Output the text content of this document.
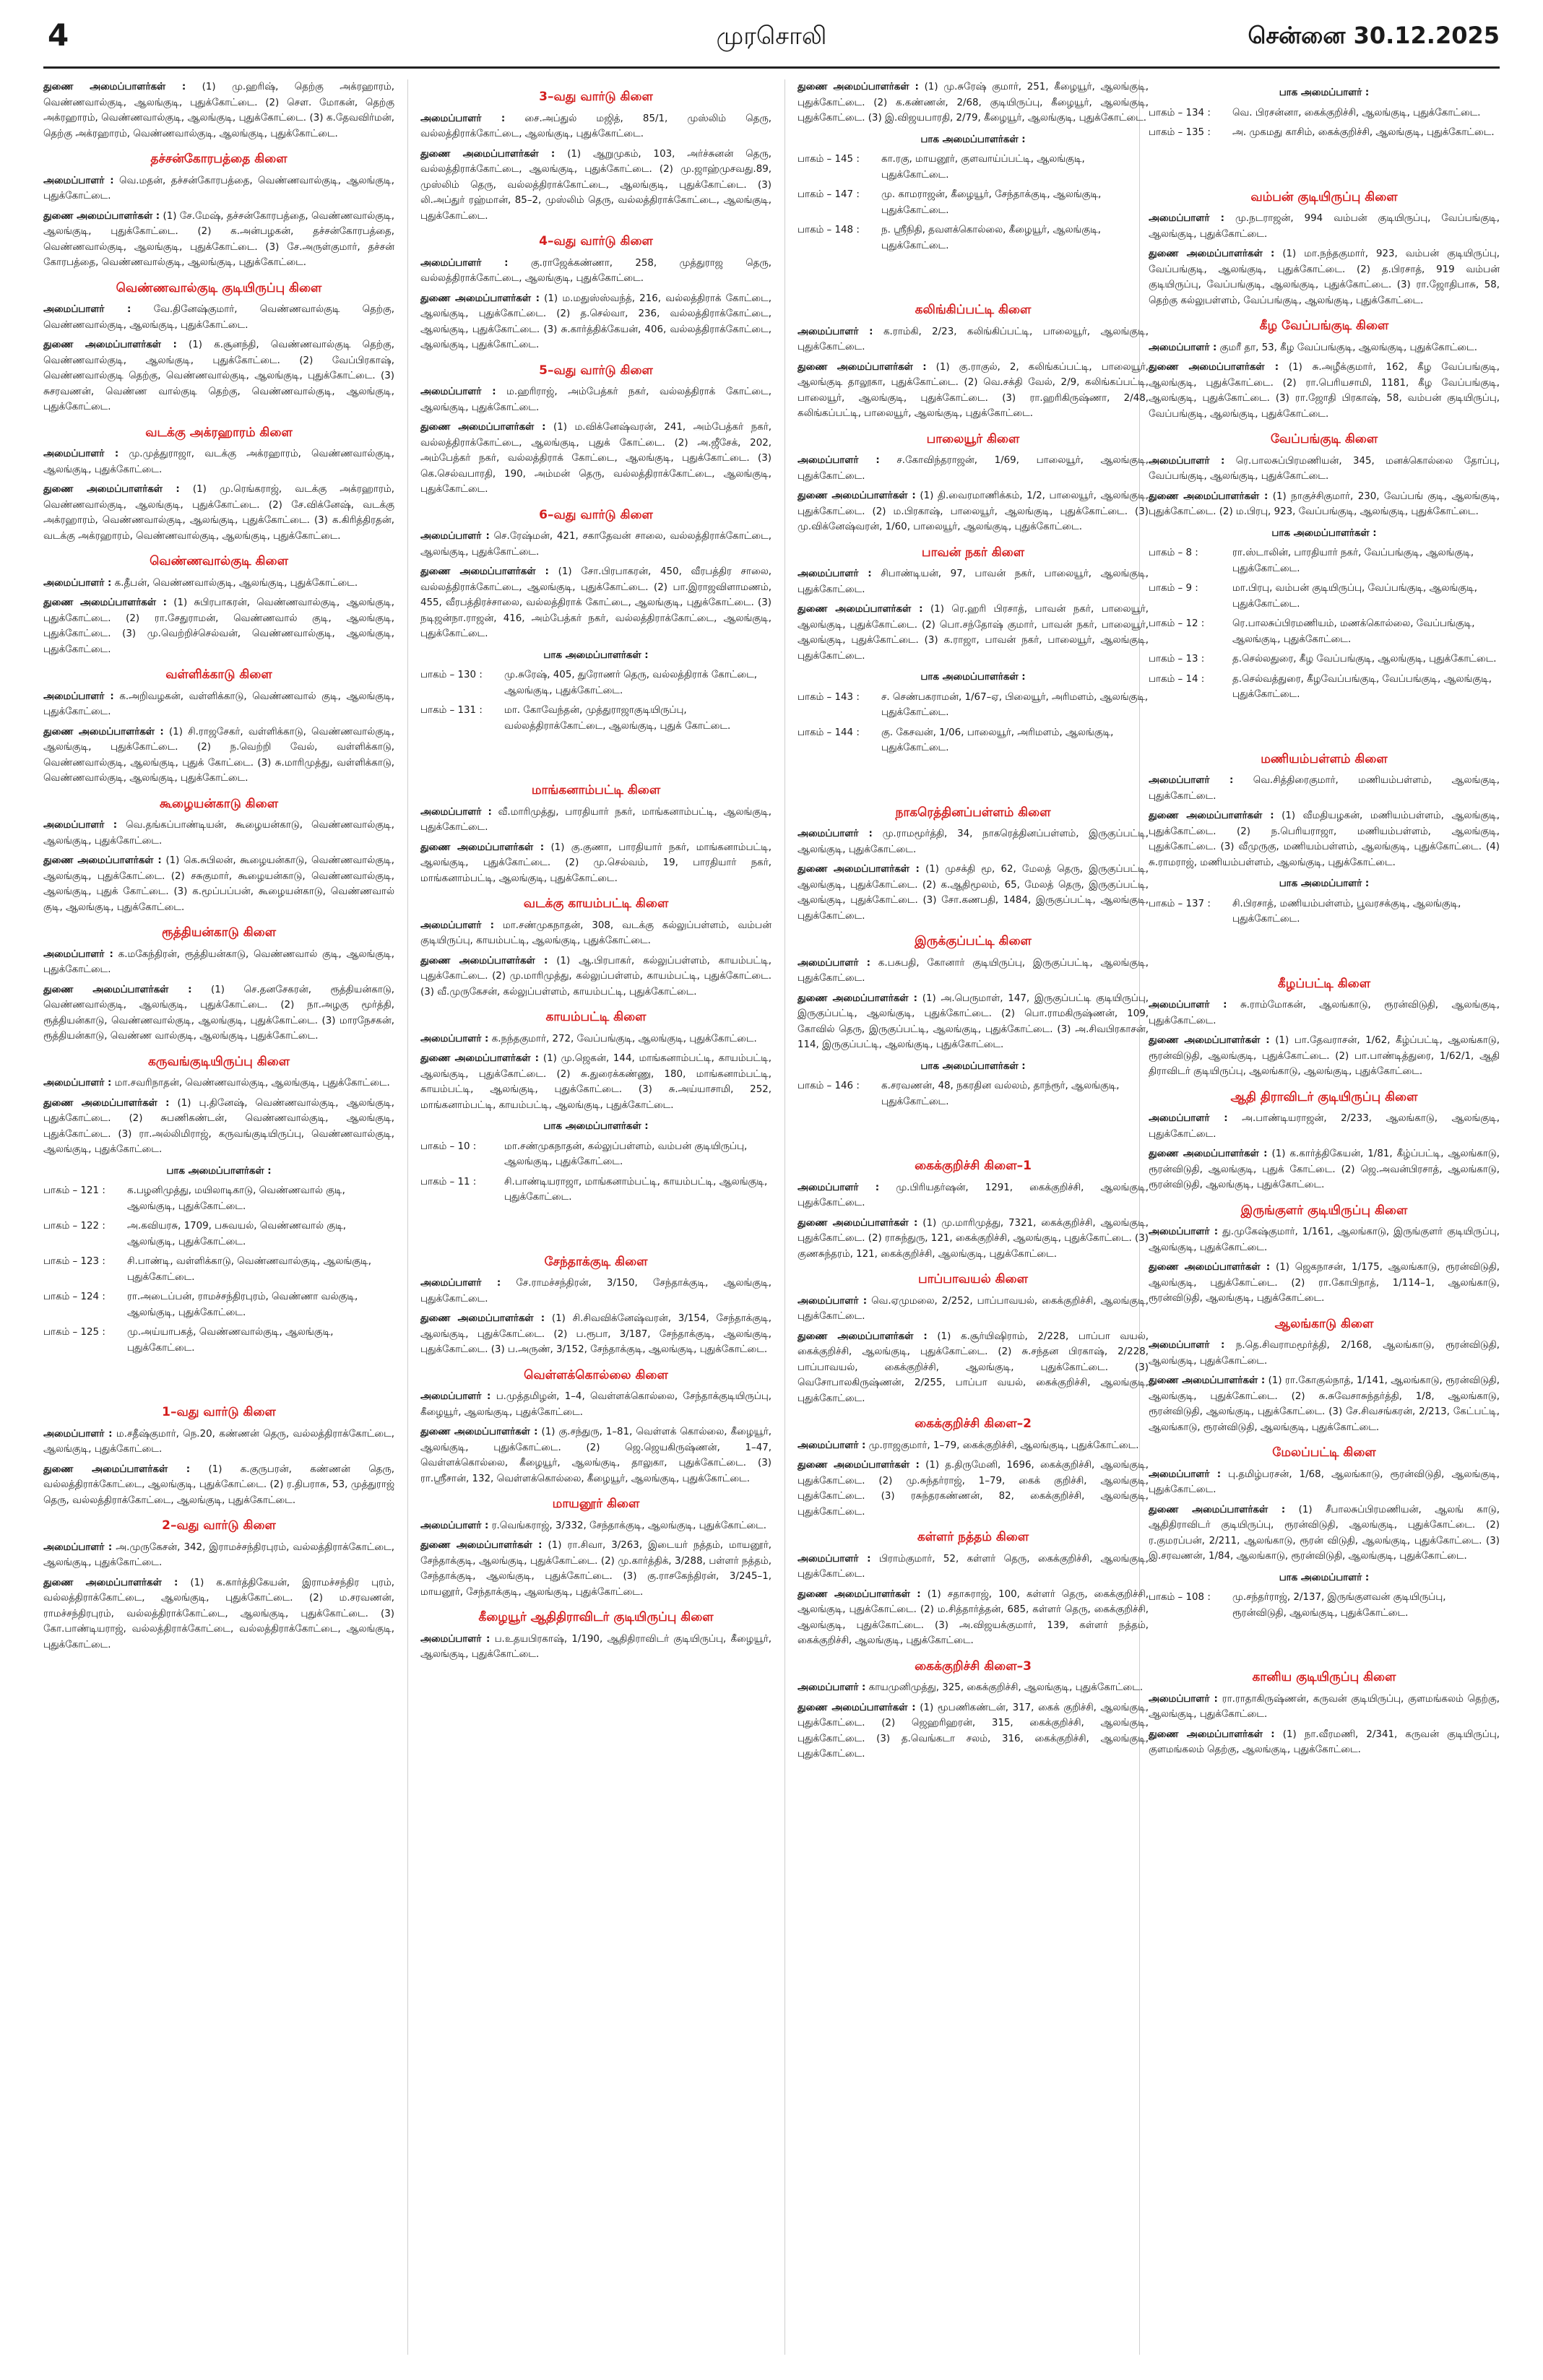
4	முரசொலி	சென்னை 30.12.2025
துணை அமைப்பாளர்கள் : (1) மு.ஹரிஷ், தெற்கு அக்ரஹாரம், வெண்ணவால்குடி, ஆலங்குடி, புதுக்கோட்டை. (2) சௌ. மோகன், தெற்கு அக்ரஹாரம், வெண்ணவால்குடி, ஆலங்குடி, புதுக்கோட்டை. (3) க.தேவவிர்மன், தெற்கு அக்ரஹாரம், வெண்ணவால்குடி, ஆலங்குடி, புதுக்கோட்டை.
தச்சன்கோரபத்தை கிளை
அமைப்பாளர் : வெ.மதன், தச்சன்கோரபத்தை, வெண்ணவால்குடி, ஆலங்குடி, புதுக்கோட்டை.
துணை அமைப்பாளர்கள் : (1) சே.மேஷ், தச்சன்கோரபத்தை, வெண்ணவால்குடி, ஆலங்குடி, புதுக்கோட்டை. (2) க.அன்பழகன், தச்சன்கோரபத்தை, வெண்ணவால்குடி, ஆலங்குடி, புதுக்கோட்டை. (3) சே.அருள்குமார், தச்சன் கோரபத்தை, வெண்ணவால்குடி, ஆலங்குடி, புதுக்கோட்டை.
வெண்ணவால்குடி குடியிருப்பு கிளை
அமைப்பாளர் : வே.தினேஷ்குமார், வெண்ணவால்குடி தெற்கு, வெண்ணவால்குடி, ஆலங்குடி, புதுக்கோட்டை.
துணை அமைப்பாளர்கள் : (1) க.சூனந்தி, வெண்ணவால்குடி தெற்கு, வெண்ணவால்குடி, ஆலங்குடி, புதுக்கோட்டை. (2) வேப்பிரகாஷ், வெண்ணவால்குடி தெற்கு, வெண்ணவால்குடி, ஆலங்குடி, புதுக்கோட்டை. (3) சுசரவணன், வெண்ண வால்குடி தெற்கு, வெண்ணவால்குடி, ஆலங்குடி, புதுக்கோட்டை.
வடக்கு அக்ரஹாரம் கிளை
அமைப்பாளர் : மு.முத்துராஜா, வடக்கு அக்ரஹாரம், வெண்ணவால்குடி, ஆலங்குடி, புதுக்கோட்டை.
துணை அமைப்பாளர்கள் : (1) மு.ரெங்கராஜ், வடக்கு அக்ரஹாரம், வெண்ணவால்குடி, ஆலங்குடி, புதுக்கோட்டை. (2) சே.விக்னேஷ், வடக்கு அக்ரஹாரம், வெண்ணவால்குடி, ஆலங்குடி, புதுக்கோட்டை. (3) க.கிரித்திரதன், வடக்கு அக்ரஹாரம், வெண்ணவால்குடி, ஆலங்குடி, புதுக்கோட்டை.
வெண்ணவால்குடி கிளை
அமைப்பாளர் : க.தீபன், வெண்ணவால்குடி, ஆலங்குடி, புதுக்கோட்டை.
துணை அமைப்பாளர்கள் : (1) சுபிரபாகரன், வெண்ணவால்குடி, ஆலங்குடி, புதுக்கோட்டை. (2) ரா.சேதுராமன், வெண்ணவால் குடி, ஆலங்குடி, புதுக்கோட்டை. (3) மு.வெற்றிச்செல்வன், வெண்ணவால்குடி, ஆலங்குடி, புதுக்கோட்டை.
வள்ளிக்காடு கிளை
அமைப்பாளர் : க.அறிவழகன், வள்ளிக்காடு, வெண்ணவால் குடி, ஆலங்குடி, புதுக்கோட்டை.
துணை அமைப்பாளர்கள் : (1) சி.ராஜசேகர், வள்ளிக்காடு, வெண்ணவால்குடி, ஆலங்குடி, புதுக்கோட்டை. (2) ந.வெற்றி வேல், வள்ளிக்காடு, வெண்ணவால்குடி, ஆலங்குடி, புதுக் கோட்டை. (3) சு.மாரிமுத்து, வள்ளிக்காடு, வெண்ணவால்குடி, ஆலங்குடி, புதுக்கோட்டை.
கூழையன்காடு கிளை
அமைப்பாளர் : வெ.தங்கப்பாண்டியன், கூழையன்காடு, வெண்ணவால்குடி, ஆலங்குடி, புதுக்கோட்டை.
துணை அமைப்பாளர்கள் : (1) கெ.சுபிலன், கூழையன்காடு, வெண்ணவால்குடி, ஆலங்குடி, புதுக்கோட்டை. (2) சசுகுமார், கூழையன்காடு, வெண்ணவால்குடி, ஆலங்குடி, புதுக் கோட்டை. (3) க.மூப்பப்பன், கூழையன்காடு, வெண்ணவால் குடி, ஆலங்குடி, புதுக்கோட்டை.
ரூத்தியன்காடு கிளை
அமைப்பாளர் : க.மகேந்திரன், ரூத்தியன்காடு, வெண்ணவால் குடி, ஆலங்குடி, புதுக்கோட்டை.
துணை அமைப்பாளர்கள் : (1) செ.தனசேகரன், ரூத்தியன்காடு, வெண்ணவால்குடி, ஆலங்குடி, புதுக்கோட்டை. (2) நா.அழகு மூர்த்தி, ரூத்தியன்காடு, வெண்ணவால்குடி, ஆலங்குடி, புதுக்கோட்டை. (3) மாரநேசகன், ரூத்தியன்காடு, வெண்ண வால்குடி, ஆலங்குடி, புதுக்கோட்டை.
கருவங்குடியிருப்பு கிளை
அமைப்பாளர் : மா.சவரிநாதன், வெண்ணவால்குடி, ஆலங்குடி, புதுக்கோட்டை.
துணை அமைப்பாளர்கள் : (1) பு.தினேஷ், வெண்ணவால்குடி, ஆலங்குடி, புதுக்கோட்டை. (2) சுபணிகண்டன், வெண்ணவால்குடி, ஆலங்குடி, புதுக்கோட்டை. (3) ரா.அல்லிமிராஜ், கருவங்குடியிருப்பு, வெண்ணவால்குடி, ஆலங்குடி, புதுக்கோட்டை.
பாக அமைப்பாளர்கள் :
பாகம் – 121 :	க.பழனிமுத்து, மயிலாடிகாடு, வெண்ணவால் குடி, ஆலங்குடி, புதுக்கோட்டை.
பாகம் – 122 :	அ.கவியரசு, 1709, பசுவயல், வெண்ணவால் குடி, ஆலங்குடி, புதுக்கோட்டை.
பாகம் – 123 :	சி.பாண்டி, வள்ளிக்காடு, வெண்ணவால்குடி, ஆலங்குடி, புதுக்கோட்டை.
பாகம் – 124 :	ரா.அடைப்பன், ராமச்சந்திரபுரம், வெண்ணா வல்குடி, ஆலங்குடி, புதுக்கோட்டை.
பாகம் – 125 :	மு.அய்யாபகத், வெண்ணவால்குடி, ஆலங்குடி, புதுக்கோட்டை.
1–வது வார்டு கிளை
அமைப்பாளர் : ம.சதீஷ்குமார், நெ.20, கண்ணன் தெரு, வல்லத்திராக்கோட்டை, ஆலங்குடி, புதுக்கோட்டை.
துணை அமைப்பாளர்கள் : (1) க.குருபரன், கண்ணன் தெரு, வல்லத்திராக்கோட்டை, ஆலங்குடி, புதுக்கோட்டை. (2) ர.திபராசு, 53, முத்துராஜ் தெரு, வல்லத்திராக்கோட்டை, ஆலங்குடி, புதுக்கோட்டை.
2–வது வார்டு கிளை
அமைப்பாளர் : அ.முருகேசன், 342, இராமச்சந்திரபுரம், வல்லத்திராக்கோட்டை, ஆலங்குடி, புதுக்கோட்டை.
துணை அமைப்பாளர்கள் : (1) க.கார்த்திகேயன், இராமச்சந்திர புரம், வல்லத்திராக்கோட்டை, ஆலங்குடி, புதுக்கோட்டை. (2) ம.சரவணன், ராமச்சந்திரபுரம், வல்லத்திராக்கோட்டை, ஆலங்குடி, புதுக்கோட்டை. (3) கோ.பாண்டியராஜ், வல்லத்திராக்கோட்டை, வல்லத்திராக்கோட்டை, ஆலங்குடி, புதுக்கோட்டை.
3–வது வார்டு கிளை
அமைப்பாளர் : சை.அப்துல் மஜித், 85/1, முஸ்லிம் தெரு, வல்லத்திராக்கோட்டை, ஆலங்குடி, புதுக்கோட்டை.
துணை அமைப்பாளர்கள் : (1) ஆறுமுகம், 103, அர்ச்சுனன் தெரு, வல்லத்திராக்கோட்டை, ஆலங்குடி, புதுக்கோட்டை. (2) மு.ஜாஹ்முசவது.89, முஸ்லிம் தெரு, வல்லத்திராக்கோட்டை, ஆலங்குடி, புதுக்கோட்டை. (3) லி.அப்துர் ரஹ்மான், 85–2, முஸ்லிம் தெரு, வல்லத்திராக்கோட்டை, ஆலங்குடி, புதுக்கோட்டை.
4–வது வார்டு கிளை
அமைப்பாளர் : கு.ராஜேக்கண்ணா, 258, முத்துராஜ தெரு, வல்லத்திராக்கோட்டை, ஆலங்குடி, புதுக்கோட்டை.
துணை அமைப்பாளர்கள் : (1) ம.மதுஸ்ஸ்வந்த், 216, வல்லத்திராக் கோட்டை, ஆலங்குடி, புதுக்கோட்டை. (2) த.செல்வா, 236, வல்லத்திராக்கோட்டை, ஆலங்குடி, புதுக்கோட்டை. (3) சு.கார்த்திக்கேயன், 406, வல்லத்திராக்கோட்டை, ஆலங்குடி, புதுக்கோட்டை.
5–வது வார்டு கிளை
அமைப்பாளர் : ம.ஹரிராஜ், அம்பேத்கர் நகர், வல்லத்திராக் கோட்டை, ஆலங்குடி, புதுக்கோட்டை.
துணை அமைப்பாளர்கள் : (1) ம.விக்னேஷ்வரன், 241, அம்பேத்கர் நகர், வல்லத்திராக்கோட்டை, ஆலங்குடி, புதுக் கோட்டை. (2) அ.ஜீசேக், 202, அம்பேத்கர் நகர், வல்லத்திராக் கோட்டை, ஆலங்குடி, புதுக்கோட்டை. (3) கெ.செல்வபாரதி, 190, அம்மன் தெரு, வல்லத்திராக்கோட்டை, ஆலங்குடி, புதுக்கோட்டை.
6–வது வார்டு கிளை
அமைப்பாளர் : செ.ரேஷ்மன், 421, சகாதேவன் சாலை, வல்லத்திராக்கோட்டை, ஆலங்குடி, புதுக்கோட்டை.
துணை அமைப்பாளர்கள் : (1) சோ.பிரபாகரன், 450, வீரபத்திர சாலை, வல்லத்திராக்கோட்டை, ஆலங்குடி, புதுக்கோட்டை. (2) பா.இராஜவிளாமணம், 455, வீரபத்திரச்சாலை, வல்லத்திராக் கோட்டை, ஆலங்குடி, புதுக்கோட்டை. (3) நடிஜன்நா.ராஜன், 416, அம்பேத்கர் நகர், வல்லத்திராக்கோட்டை, ஆலங்குடி, புதுக்கோட்டை.
பாக அமைப்பாளர்கள் :
பாகம் – 130 :	மு.சுரேஷ், 405, துரோணர் தெரு, வல்லத்திராக் கோட்டை, ஆலங்குடி, புதுக்கோட்டை.
பாகம் – 131 :	மா. கோவேந்தன், முத்துராஜாகுடியிருப்பு, வல்லத்திராக்கோட்டை, ஆலங்குடி, புதுக் கோட்டை.
மாங்கனாம்பட்டி கிளை
அமைப்பாளர் : வீ.மாரிமுத்து, பாரதியார் நகர், மாங்கனாம்பட்டி, ஆலங்குடி, புதுக்கோட்டை.
துணை அமைப்பாளர்கள் : (1) கு.குணா, பாரதியார் நகர், மாங்கனாம்பட்டி, ஆலங்குடி, புதுக்கோட்டை. (2) மு.செல்வம், 19, பாரதியார் நகர், மாங்கனாம்பட்டி, ஆலங்குடி, புதுக்கோட்டை.
வடக்கு காயம்பட்டி கிளை
அமைப்பாளர் : மா.சண்முகநாதன், 308, வடக்கு கல்லுப்பள்ளம், வம்பன் குடியிருப்பு, காயம்பட்டி, ஆலங்குடி, புதுக்கோட்டை.
துணை அமைப்பாளர்கள் : (1) ஆ.பிரபாகர், கல்லுப்பள்ளம், காயம்பட்டி, புதுக்கோட்டை. (2) மு.மாரிமுத்து, கல்லுப்பள்ளம், காயம்பட்டி, புதுக்கோட்டை. (3) வீ.முருகேசன், கல்லுப்பள்ளம், காயம்பட்டி, புதுக்கோட்டை.
காயம்பட்டி கிளை
அமைப்பாளர் : க.நந்தகுமார், 272, வேப்பங்குடி, ஆலங்குடி, புதுக்கோட்டை.
துணை அமைப்பாளர்கள் : (1) மு.ஜெகன், 144, மாங்கனாம்பட்டி, காயம்பட்டி, ஆலங்குடி, புதுக்கோட்டை. (2) சு.துரைக்கண்ணு, 180, மாங்கனாம்பட்டி, காயம்பட்டி, ஆலங்குடி, புதுக்கோட்டை. (3) சு.அய்யாசாமி, 252, மாங்கனாம்பட்டி, காயம்பட்டி, ஆலங்குடி, புதுக்கோட்டை.
பாக அமைப்பாளர்கள் :
பாகம் – 10 :	மா.சண்முகநாதன், கல்லுப்பள்ளம், வம்பன் குடியிருப்பு, ஆலங்குடி, புதுக்கோட்டை.
பாகம் – 11 :	சி.பாண்டியராஜா, மாங்கனாம்பட்டி, காயம்பட்டி, ஆலங்குடி, புதுக்கோட்டை.
சேந்தாக்குடி கிளை
அமைப்பாளர் : சே.ராமச்சந்திரன், 3/150, சேந்தாக்குடி, ஆலங்குடி, புதுக்கோட்டை.
துணை அமைப்பாளர்கள் : (1) சி.சிவவிக்னேஷ்வரன், 3/154, சேந்தாக்குடி, ஆலங்குடி, புதுக்கோட்டை. (2) ப.ரூபா, 3/187, சேந்தாக்குடி, ஆலங்குடி, புதுக்கோட்டை. (3) ப.அருண், 3/152, சேந்தாக்குடி, ஆலங்குடி, புதுக்கோட்டை.
வெள்ளக்கொல்லை கிளை
அமைப்பாளர் : ப.முத்தமிழன், 1–4, வெள்ளக்கொல்லை, சேந்தாக்குடியிருப்பு, கீழையூர், ஆலங்குடி, புதுக்கோட்டை.
துணை அமைப்பாளர்கள் : (1) கு.சந்துரு, 1–81, வெள்ளக் கொல்லை, கீழையூர், ஆலங்குடி, புதுக்கோட்டை. (2) ஜெ.ஜெயகிருஷ்ணன், 1–47, வெள்ளக்கொல்லை, கீழையூர், ஆலங்குடி, தாலுகா, புதுக்கோட்டை. (3) ரா.ஸ்ரீசான், 132, வெள்ளக்கொல்லை, கீழையூர், ஆலங்குடி, புதுக்கோட்டை.
மாயனூர் கிளை
அமைப்பாளர் : ர.வெங்கராஜ், 3/332, சேந்தாக்குடி, ஆலங்குடி, புதுக்கோட்டை.
துணை அமைப்பாளர்கள் : (1) ரா.சிவா, 3/263, இடையர் நத்தம், மாயனூர், சேந்தாக்குடி, ஆலங்குடி, புதுக்கோட்டை. (2) மு.கார்த்திக், 3/288, பள்ளர் நத்தம், சேந்தாக்குடி, ஆலங்குடி, புதுக்கோட்டை. (3) கு.ராசகேந்திரன், 3/245–1, மாயனூர், சேந்தாக்குடி, ஆலங்குடி, புதுக்கோட்டை.
கீழையூர் ஆதிதிராவிடர் குடியிருப்பு கிளை
அமைப்பாளர் : ப.உதயபிரகாஷ், 1/190, ஆதிதிராவிடர் குடியிருப்பு, கீழையூர், ஆலங்குடி, புதுக்கோட்டை.
துணை அமைப்பாளர்கள் : (1) மு.சுரேஷ் குமார், 251, கீழையூர், ஆலங்குடி, புதுக்கோட்டை. (2) க.கண்ணன், 2/68, குடியிருப்பு, கீழையூர், ஆலங்குடி, புதுக்கோட்டை. (3) இ.விஜயபாரதி, 2/79, கீழையூர், ஆலங்குடி, புதுக்கோட்டை.
பாக அமைப்பாளர்கள் :
பாகம் – 145 :	கா.ரகு, மாயனூர், குளவாய்ப்பட்டி, ஆலங்குடி, புதுக்கோட்டை.
பாகம் – 147 :	மு. காமராஜன், கீழையூர், சேந்தாக்குடி, ஆலங்குடி, புதுக்கோட்டை.
பாகம் – 148 :	ந. ஸ்ரீநிதி, தவளக்கொல்லை, கீழையூர், ஆலங்குடி, புதுக்கோட்டை.
கலிங்கிப்பட்டி கிளை
அமைப்பாளர் : க.ராம்கி, 2/23, கலிங்கிப்பட்டி, பாலையூர், ஆலங்குடி, புதுக்கோட்டை.
துணை அமைப்பாளர்கள் : (1) கு.ராகுல், 2, கலிங்கப்பட்டி, பாலையூர், ஆலங்குடி தாலூகா, புதுக்கோட்டை. (2) வெ.சக்தி வேல், 2/9, கலிங்கப்பட்டி, பாலையூர், ஆலங்குடி, புதுக்கோட்டை. (3) ரா.ஹரிகிருஷ்ணா, 2/48, கலிங்கப்பட்டி, பாலையூர், ஆலங்குடி, புதுக்கோட்டை.
பாலையூர் கிளை
அமைப்பாளர் : ச.கோவிந்தராஜன், 1/69, பாலையூர், ஆலங்குடி, புதுக்கோட்டை.
துணை அமைப்பாளர்கள் : (1) தி.வைரமாணிக்கம், 1/2, பாலையூர், ஆலங்குடி, புதுக்கோட்டை. (2) ம.பிரகாஷ், பாலையூர், ஆலங்குடி, புதுக்கோட்டை. (3) மு.விக்னேஷ்வரன், 1/60, பாலையூர், ஆலங்குடி, புதுக்கோட்டை.
பாவன் நகர் கிளை
அமைப்பாளர் : சிபாண்டியன், 97, பாவன் நகர், பாலையூர், ஆலங்குடி, புதுக்கோட்டை.
துணை அமைப்பாளர்கள் : (1) ரெ.ஹரி பிரசாத், பாவன் நகர், பாலையூர், ஆலங்குடி, புதுக்கோட்டை. (2) பொ.சந்தோஷ் குமார், பாவன் நகர், பாலையூர், ஆலங்குடி, புதுக்கோட்டை. (3) க.ராஜா, பாவன் நகர், பாலையூர், ஆலங்குடி, புதுக்கோட்டை.
பாக அமைப்பாளர்கள் :
பாகம் – 143 :	ச. செண்பகராமன், 1/67–ஏ, பிலையூர், அரிமளம், ஆலங்குடி, புதுக்கோட்டை.
பாகம் – 144 :	கு. கேசவன், 1/06, பாலையூர், அரிமளம், ஆலங்குடி, புதுக்கோட்டை.
நாகரெத்தினப்பள்ளம் கிளை
அமைப்பாளர் : மு.ராமமூர்த்தி, 34, நாகரெத்தினப்பள்ளம், இருகுப்பட்டி, ஆலங்குடி, புதுக்கோட்டை.
துணை அமைப்பாளர்கள் : (1) முசக்தி மூ, 62, மேலத் தெரு, இருகுப்பட்டி, ஆலங்குடி, புதுக்கோட்டை. (2) க.ஆதிமூலம், 65, மேலத் தெரு, இருகுப்பட்டி, ஆலங்குடி, புதுக்கோட்டை. (3) சோ.கணபதி, 1484, இருகுப்பட்டி, ஆலங்குடி, புதுக்கோட்டை.
இருக்குப்பட்டி கிளை
அமைப்பாளர் : க.பசுபதி, கோனார் குடியிருப்பு, இருகுப்பட்டி, ஆலங்குடி, புதுக்கோட்டை.
துணை அமைப்பாளர்கள் : (1) அ.பெருமாள், 147, இருகுப்பட்டி குடியிருப்பு, இருகுப்பட்டி, ஆலங்குடி, புதுக்கோட்டை. (2) பொ.ராமகிருஷ்ணன், 109, கோவில் தெரு, இருகுப்பட்டி, ஆலங்குடி, புதுக்கோட்டை. (3) அ.சிவபிரகாசன், 114, இருகுப்பட்டி, ஆலங்குடி, புதுக்கோட்டை.
பாக அமைப்பாளர்கள் :
பாகம் – 146 :	க.சரவணன், 48, நகரதின வல்லம், தாந்ரூர், ஆலங்குடி, புதுக்கோட்டை.
கைக்குறிச்சி கிளை–1
அமைப்பாளர் : மு.பிரியதர்ஷன், 1291, கைக்குறிச்சி, ஆலங்குடி, புதுக்கோட்டை.
துணை அமைப்பாளர்கள் : (1) மு.மாரிமுத்து, 7321, கைக்குறிச்சி, ஆலங்குடி, புதுக்கோட்டை. (2) ராசுந்துரு, 121, கைக்குறிச்சி, ஆலங்குடி, புதுக்கோட்டை. (3) குணசுந்தரம், 121, கைக்குறிச்சி, ஆலங்குடி, புதுக்கோட்டை.
பாப்பாவயல் கிளை
அமைப்பாளர் : வெ.ஏமுமலை, 2/252, பாப்பாவயல், கைக்குறிச்சி, ஆலங்குடி, புதுக்கோட்டை.
துணை அமைப்பாளர்கள் : (1) க.சூர்யிஷிராம், 2/228, பாப்பா வயல், கைக்குறிச்சி, ஆலங்குடி, புதுக்கோட்டை. (2) சு.சந்தன பிரகாஷ், 2/228, பாப்பாவயல், கைக்குறிச்சி, ஆலங்குடி, புதுக்கோட்டை. (3) வெசோபாலகிருஷ்ணன், 2/255, பாப்பா வயல், கைக்குறிச்சி, ஆலங்குடி, புதுக்கோட்டை.
கைக்குறிச்சி கிளை–2
அமைப்பாளர் : மு.ராஜகுமார், 1–79, கைக்குறிச்சி, ஆலங்குடி, புதுக்கோட்டை.
துணை அமைப்பாளர்கள் : (1) த.திருமேனி, 1696, கைக்குறிச்சி, ஆலங்குடி, புதுக்கோட்டை. (2) மு.சுந்தர்ராஜ், 1–79, கைக் குறிச்சி, ஆலங்குடி, புதுக்கோட்டை. (3) ரசுந்தரகண்ணன், 82, கைக்குறிச்சி, ஆலங்குடி, புதுக்கோட்டை.
கள்ளர் நத்தம் கிளை
அமைப்பாளர் : பிராம்குமார், 52, கள்ளர் தெரு, கைக்குறிச்சி, ஆலங்குடி, புதுக்கோட்டை.
துணை அமைப்பாளர்கள் : (1) சதாசுராஜ், 100, கள்ளர் தெரு, கைக்குறிச்சி, ஆலங்குடி, புதுக்கோட்டை. (2) ம.சித்தார்த்தன், 685, கள்ளர் தெரு, கைக்குறிச்சி, ஆலங்குடி, புதுக்கோட்டை. (3) அ.விஜயக்குமார், 139, கள்ளர் நத்தம், கைக்குறிச்சி, ஆலங்குடி, புதுக்கோட்டை.
கைக்குறிச்சி கிளை–3
அமைப்பாளர் : காயமுனிமுத்து, 325, கைக்குறிச்சி, ஆலங்குடி, புதுக்கோட்டை.
துணை அமைப்பாளர்கள் : (1) மூபணிகண்டன், 317, கைக் குறிச்சி, ஆலங்குடி, புதுக்கோட்டை. (2) ஜெஹரிஹரன், 315, கைக்குறிச்சி, ஆலங்குடி, புதுக்கோட்டை. (3) த.வெங்கடா சலம், 316, கைக்குறிச்சி, ஆலங்குடி, புதுக்கோட்டை.
பாக அமைப்பாளர் :
பாகம் – 134 :	வெ. பிரசன்னா, கைக்குறிச்சி, ஆலங்குடி, புதுக்கோட்டை.
பாகம் – 135 :	அ. முகமது காசிம், கைக்குறிச்சி, ஆலங்குடி, புதுக்கோட்டை.
வம்பன் குடியிருப்பு கிளை
அமைப்பாளர் : மு.நடராஜன், 994 வம்பன் குடியிருப்பு, வேப்பங்குடி, ஆலங்குடி, புதுக்கோட்டை.
துணை அமைப்பாளர்கள் : (1) மா.நந்தகுமார், 923, வம்பன் குடியிருப்பு, வேப்பங்குடி, ஆலங்குடி, புதுக்கோட்டை. (2) த.பிரசாத், 919 வம்பன் குடியிருப்பு, வேப்பங்குடி, ஆலங்குடி, புதுக்கோட்டை. (3) ரா.ஜோதிபாசு, 58, தெற்கு கல்லுபள்ளம், வேப்பங்குடி, ஆலங்குடி, புதுக்கோட்டை.
கீழ வேப்பங்குடி கிளை
அமைப்பாளர் : குமரீ தா, 53, கீழ வேப்பங்குடி, ஆலங்குடி, புதுக்கோட்டை.
துணை அமைப்பாளர்கள் : (1) சு.அழீக்குமார், 162, கீழ வேப்பங்குடி, ஆலங்குடி, புதுக்கோட்டை. (2) ரா.பெரியசாமி, 1181, கீழ வேப்பங்குடி, ஆலங்குடி, புதுக்கோட்டை. (3) ரா.ஜோதி பிரகாஷ், 58, வம்பன் குடியிருப்பு, வேப்பங்குடி, ஆலங்குடி, புதுக்கோட்டை.
வேப்பங்குடி கிளை
அமைப்பாளர் : ரெ.பாலசுப்பிரமணியன், 345, மனக்கொல்லை தோப்பு, வேப்பங்குடி, ஆலங்குடி, புதுக்கோட்டை.
துணை அமைப்பாளர்கள் : (1) நாகுச்சிகுமார், 230, வேப்பங் குடி, ஆலங்குடி, புதுக்கோட்டை. (2) ம.பிரபு, 923, வேப்பங்குடி, ஆலங்குடி, புதுக்கோட்டை.
பாக அமைப்பாளர்கள் :
பாகம் – 8 :	ரா.ஸ்டாலின், பாரதியார் நகர், வேப்பங்குடி, ஆலங்குடி, புதுக்கோட்டை.
பாகம் – 9 :	மா.பிரபு, வம்பன் குடியிருப்பு, வேப்பங்குடி, ஆலங்குடி, புதுக்கோட்டை.
பாகம் – 12 :	ரெ.பாலசுப்பிரமணியம், மணக்கொல்லை, வேப்பங்குடி, ஆலங்குடி, புதுக்கோட்டை.
பாகம் – 13 :	த.செல்லதுரை, கீழ வேப்பங்குடி, ஆலங்குடி, புதுக்கோட்டை.
பாகம் – 14 :	த.செல்வத்துரை, கீழவேப்பங்குடி, வேப்பங்குடி, ஆலங்குடி, புதுக்கோட்டை.
மணியம்பள்ளம் கிளை
அமைப்பாளர் : வெ.சித்திரைகுமார், மணியம்பள்ளம், ஆலங்குடி, புதுக்கோட்டை.
துணை அமைப்பாளர்கள் : (1) வீமதியழகன், மணியம்பள்ளம், ஆலங்குடி, புதுக்கோட்டை. (2) ந.பெரியராஜா, மணியம்பள்ளம், ஆலங்குடி, புதுக்கோட்டை. (3) வீமுருகு, மணியம்பள்ளம், ஆலங்குடி, புதுக்கோட்டை. (4) சு.ராமராஜ், மணியம்பள்ளம், ஆலங்குடி, புதுக்கோட்டை.
பாக அமைப்பாளர் :
பாகம் – 137 :	சி.பிரசாத், மணியம்பள்ளம், பூவரசக்குடி, ஆலங்குடி, புதுக்கோட்டை.
கீழப்பட்டி கிளை
அமைப்பாளர் : சு.ராம்மோகன், ஆலங்காடு, ரூரன்விடுதி, ஆலங்குடி, புதுக்கோட்டை.
துணை அமைப்பாளர்கள் : (1) பா.தேவராசன், 1/62, கீழ்ப்பட்டி, ஆலங்காடு, ரூரன்விடுதி, ஆலங்குடி, புதுக்கோட்டை. (2) பா.பாண்டித்துரை, 1/62/1, ஆதி திராவிடர் குடியிருப்பு, ஆலங்காடு, ஆலங்குடி, புதுக்கோட்டை.
ஆதி திராவிடர் குடியிருப்பு கிளை
அமைப்பாளர் : அ.பாண்டியராஜன், 2/233, ஆலங்காடு, ஆலங்குடி, புதுக்கோட்டை.
துணை அமைப்பாளர்கள் : (1) க.கார்த்திகேயன், 1/81, கீழ்ப்பட்டி, ஆலங்காடு, ரூரன்விடுதி, ஆலங்குடி, புதுக் கோட்டை. (2) ஜெ.அவன்பிரசாத், ஆலங்காடு, ரூரன்விடுதி, ஆலங்குடி, புதுக்கோட்டை.
இருங்குளர் குடியிருப்பு கிளை
அமைப்பாளர் : து.முகேஷ்குமார், 1/161, ஆலங்காடு, இருங்குளர் குடியிருப்பு, ஆலங்குடி, புதுக்கோட்டை.
துணை அமைப்பாளர்கள் : (1) ஜெகநாசன், 1/175, ஆலங்காடு, ரூரன்விடுதி, ஆலங்குடி, புதுக்கோட்டை. (2) ரா.கோபிநாத், 1/114–1, ஆலங்காடு, ரூரன்விடுதி, ஆலங்குடி, புதுக்கோட்டை.
ஆலங்காடு கிளை
அமைப்பாளர் : ந.தெ.சிவராமமூர்த்தி, 2/168, ஆலங்காடு, ரூரன்விடுதி, ஆலங்குடி, புதுக்கோட்டை.
துணை அமைப்பாளர்கள் : (1) ரா.கோகுல்நாத், 1/141, ஆலங்காடு, ரூரன்விடுதி, ஆலங்குடி, புதுக்கோட்டை. (2) சு.சுவேசாசுந்தர்த்தி, 1/8, ஆலங்காடு, ரூரன்விடுதி, ஆலங்குடி, புதுக்கோட்டை. (3) சே.சிவசங்கரன், 2/213, கேட்பட்டி, ஆலங்காடு, ரூரன்விடுதி, ஆலங்குடி, புதுக்கோட்டை.
மேலப்பட்டி கிளை
அமைப்பாளர் : பு.தமிழ்பரசன், 1/68, ஆலங்காடு, ரூரன்விடுதி, ஆலங்குடி, புதுக்கோட்டை.
துணை அமைப்பாளர்கள் : (1) சீபாலசுப்பிரமணியன், ஆலங் காடு, ஆதிதிராவிடர் குடியிருப்பு, ரூரன்விடுதி, ஆலங்குடி, புதுக்கோட்டை. (2) ர.குமரப்பன், 2/211, ஆலங்காடு, ரூரன் விடுதி, ஆலங்குடி, புதுக்கோட்டை. (3) இ.சரவணன், 1/84, ஆலங்காடு, ரூரன்விடுதி, ஆலங்குடி, புதுக்கோட்டை.
பாக அமைப்பாளர் :
பாகம் – 108 :	மு.சந்தர்ராஜ், 2/137, இருங்குளவன் குடியிருப்பு, ரூரன்விடுதி, ஆலங்குடி, புதுக்கோட்டை.
கானிய குடியிருப்பு கிளை
அமைப்பாளர் : ரா.ராதாகிருஷ்ணன், கருவன் குடியிருப்பு, குளமங்கலம் தெற்கு, ஆலங்குடி, புதுக்கோட்டை.
துணை அமைப்பாளர்கள் : (1) நா.வீரமணி, 2/341, கருவன் குடியிருப்பு, குளமங்கலம் தெற்கு, ஆலங்குடி, புதுக்கோட்டை.
